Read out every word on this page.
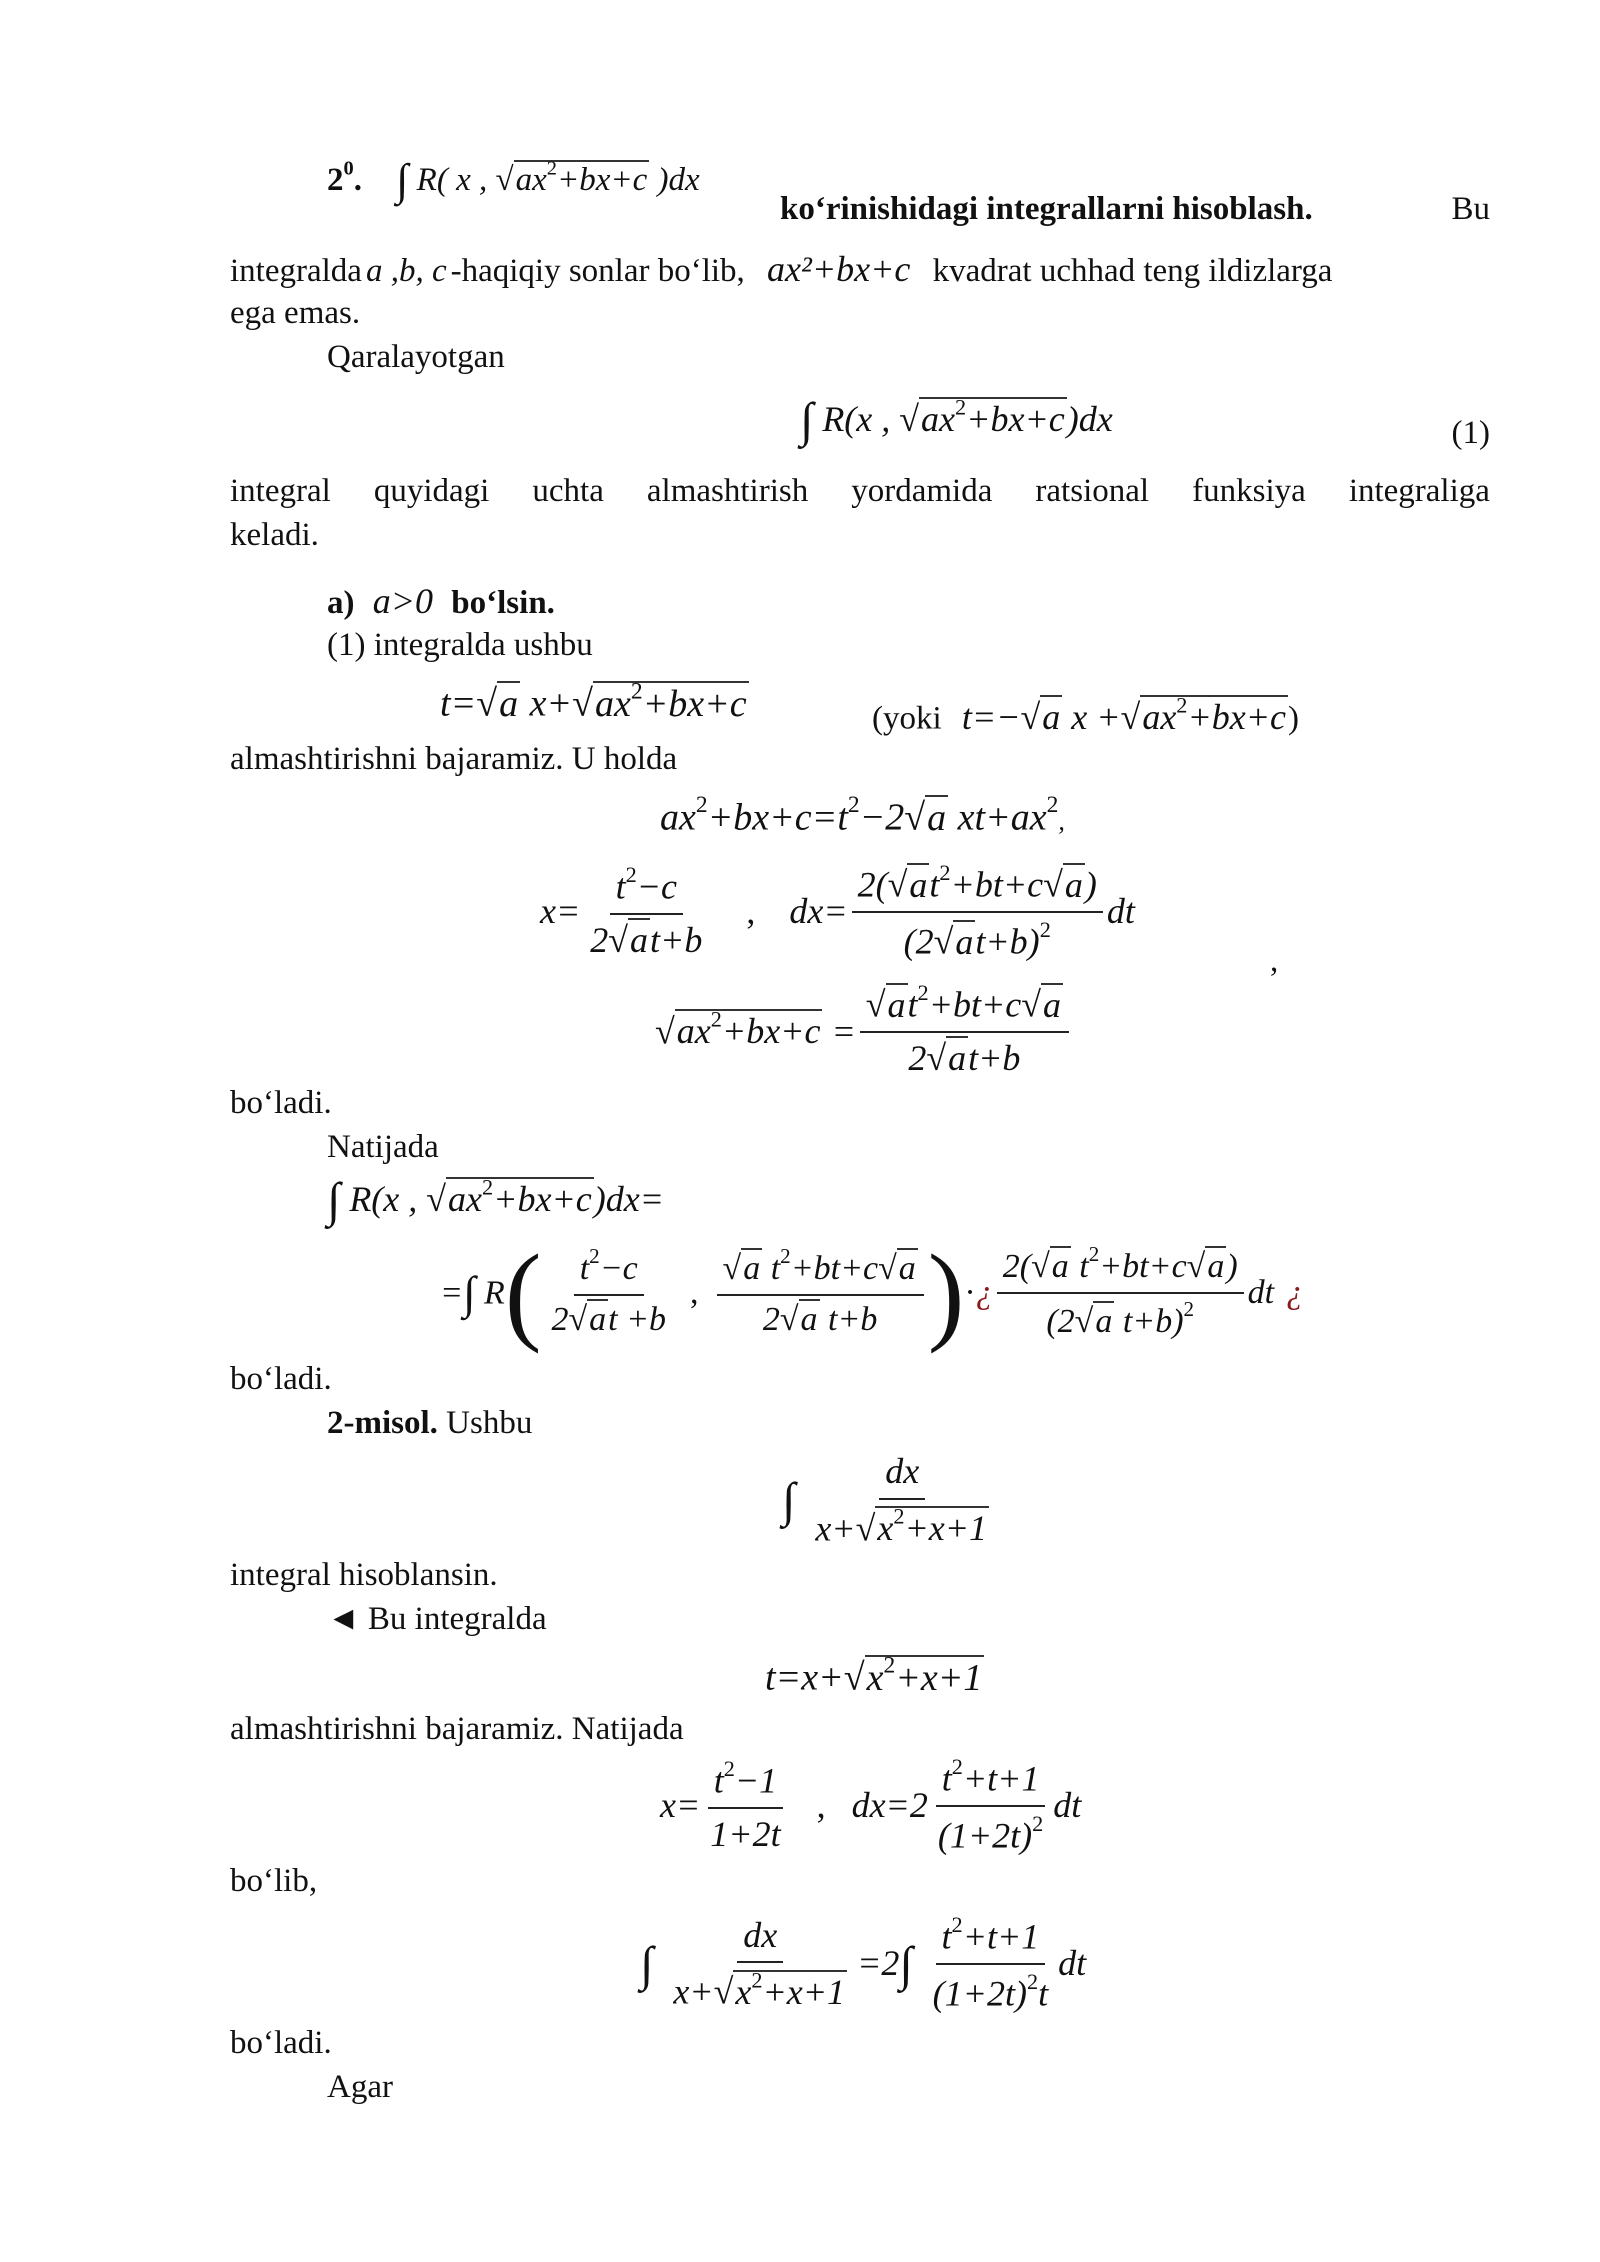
$2^0$. ∫ R( x , $√ax^2+bx+c$ )dx
ko‘rinishidagi integrallarni hisoblash.	Bu
integralda a ,b, c -haqiqiy sonlar bo‘lib, ax²+bx+c kvadrat uchhad teng ildizlarga
ega emas.
Qaralayotgan
∫ R(x , $√ax^2+bx+c)dx$	(1)
integral quyidagi uchta almashtirish yordamida ratsional funksiya integraliga
keladi.
a) a>0 bo‘lsin.
(1) integralda ushbu
t=√a $x+√ax^2+bx+c$	(yoki t=−√a $x +√ax^2+bx+c$)
almashtirishni bajaramiz. U holda
$ax^2+bx+c=t^2-2√a$ $xt+ax^2$,
$x= \frac{t^2-c}{2√at+b}$ , $dx= \frac{2(√at^2+bt+c√a)}{(2√at+b)^2}$ dt
,
$√ax^2+bx+c = \frac{√at^2+bt+c√a}{2√at+b}$
bo‘ladi.
Natijada
∫ R(x , $√ax^2+bx+c)dx=$
=∫ R ( $\frac{t^2-c}{2√at +b}$ , $\frac{√a t^2+bt+c√a}{\text{2√a t+b}}$ ) · ¿ $\frac{2(√a t^2+bt+c√a)}{(2√a t+b)^2}$ dt ¿
bo‘ladi.
2-misol. Ushbu
∫ $\frac{dx}{x+√x^2+x+1}$
integral hisoblansin.
◄ Bu integralda
$t=x+√x^2+x+1$
almashtirishni bajaramiz. Natijada
$x= \frac{t^2-1}{1+2t}$ , $dx=2 \frac{t^2+t+1}{(1+2t)^2}$ dt
bo‘lib,
∫ $\frac{dx}{x+√x^2+x+1} =2\int \frac{t^2+t+1}{(1+2t)^2t}$ dt
bo‘ladi.
Agar
